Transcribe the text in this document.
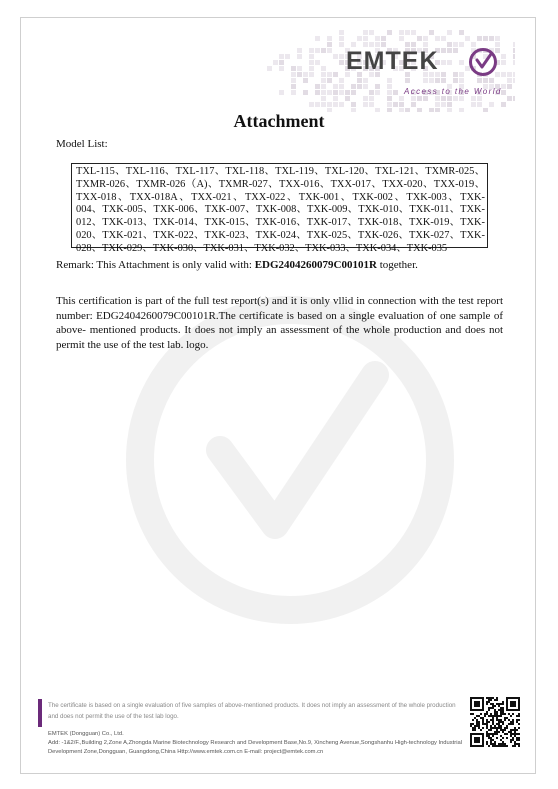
EMTEK
Access to the World
Attachment
Model List:
TXL-115、TXL-116、TXL-117、TXL-118、TXL-119、TXL-120、TXL-121、TXMR-025、TXMR-026、TXMR-026（A)、TXMR-027、TXX-016、TXX-017、TXX-020、TXX-019、TXX-018、TXX-018A、TXX-021、TXX-022、TXK-001、TXK-002、TXK-003、TXK-004、TXK-005、TXK-006、TXK-007、TXK-008、TXK-009、TXK-010、TXK-011、TXK-012、TXK-013、TXK-014、TXK-015、TXK-016、TXK-017、TXK-018、TXK-019、TXK-020、TXK-021、TXK-022、TXK-023、TXK-024、TXK-025、TXK-026、TXK-027、TXK-028、TXK-029、TXK-030、TXK-031、TXK-032、TXK-033、TXK-034、TXK-035
Remark: This Attachment is only valid with: EDG2404260079C00101R together.
This certification is part of the full test report(s) and it is only vllid in connection with the test report number: EDG2404260079C00101R.The certificate is based on a single evaluation of one sample of above- mentioned products. It does not imply an assessment of the whole production and does not permit the use of the test lab. logo.
The certificate is based on a single evaluation of five samples of above-mentioned products. It does not imply an assessment of the whole production and does not permit the use of the test lab logo.
EMTEK (Dongguan) Co., Ltd.
Add: -1&2/F.,Building 2,Zone A,Zhongda Marine Biotechnology Research and Development Base,No.9, Xincheng Avenue,Songshanhu High-technology Industrial Development Zone,Dongguan, Guangdong,China Http://www.emtek.com.cn E-mail: project@emtek.com.cn
